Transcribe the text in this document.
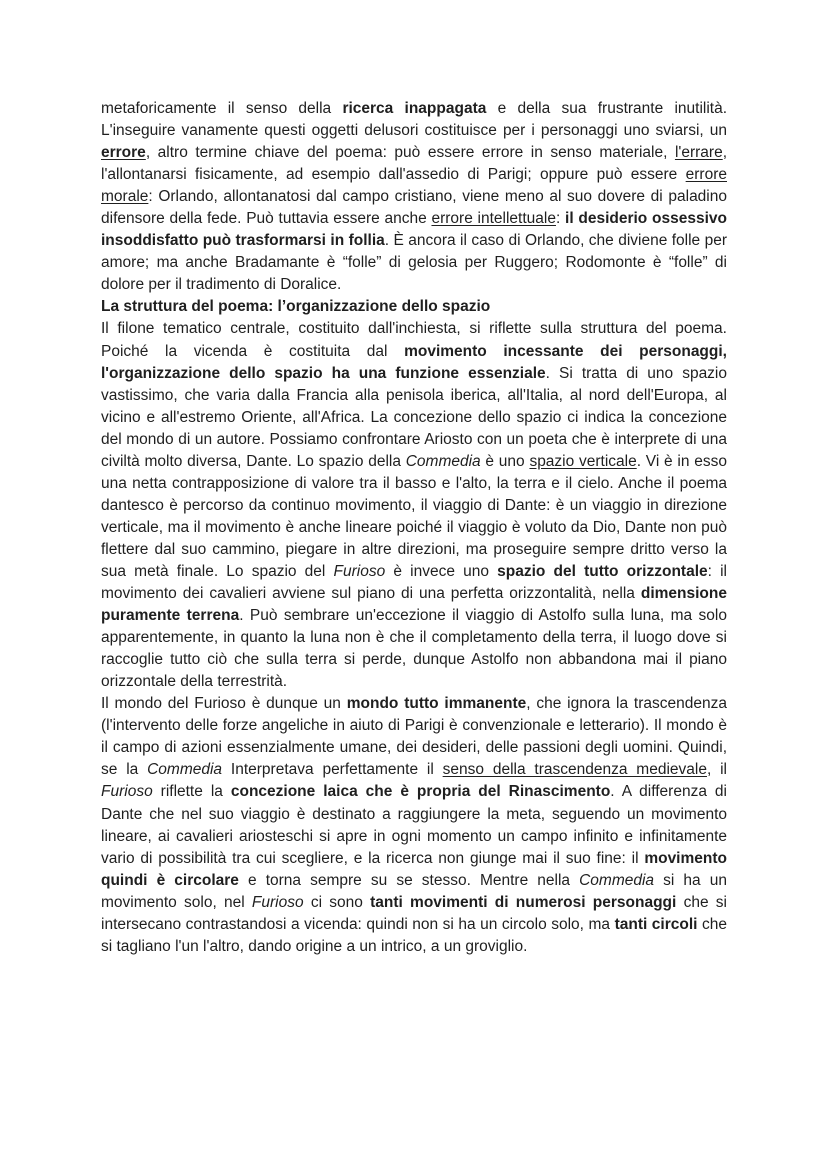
metaforicamente il senso della ricerca inappagata e della sua frustrante inutilità. L'inseguire vanamente questi oggetti delusori costituisce per i personaggi uno sviarsi, un errore, altro termine chiave del poema: può essere errore in senso materiale, l'errare, l'allontanarsi fisicamente, ad esempio dall'assedio di Parigi; oppure può essere errore morale: Orlando, allontanatosi dal campo cristiano, viene meno al suo dovere di paladino difensore della fede. Può tuttavia essere anche errore intellettuale: il desiderio ossessivo insoddisfatto può trasformarsi in follia. È ancora il caso di Orlando, che diviene folle per amore; ma anche Bradamante è “folle” di gelosia per Ruggero; Rodomonte è “folle” di dolore per il tradimento di Doralice.

La struttura del poema: l’organizzazione dello spazio

Il filone tematico centrale, costituito dall'inchiesta, si riflette sulla struttura del poema. Poiché la vicenda è costituita dal movimento incessante dei personaggi, l'organizzazione dello spazio ha una funzione essenziale. Si tratta di uno spazio vastissimo, che varia dalla Francia alla penisola iberica, all'Italia, al nord dell'Europa, al vicino e all'estremo Oriente, all'Africa. La concezione dello spazio ci indica la concezione del mondo di un autore. Possiamo confrontare Ariosto con un poeta che è interprete di una civiltà molto diversa, Dante. Lo spazio della Commedia è uno spazio verticale. Vi è in esso una netta contrapposizione di valore tra il basso e l'alto, la terra e il cielo. Anche il poema dantesco è percorso da continuo movimento, il viaggio di Dante: è un viaggio in direzione verticale, ma il movimento è anche lineare poiché il viaggio è voluto da Dio, Dante non può flettere dal suo cammino, piegare in altre direzioni, ma proseguire sempre dritto verso la sua metà finale. Lo spazio del Furioso è invece uno spazio del tutto orizzontale: il movimento dei cavalieri avviene sul piano di una perfetta orizzontalità, nella dimensione puramente terrena. Può sembrare un'eccezione il viaggio di Astolfo sulla luna, ma solo apparentemente, in quanto la luna non è che il completamento della terra, il luogo dove si raccoglie tutto ciò che sulla terra si perde, dunque Astolfo non abbandona mai il piano orizzontale della terrestrità.

Il mondo del Furioso è dunque un mondo tutto immanente, che ignora la trascendenza (l'intervento delle forze angeliche in aiuto di Parigi è convenzionale e letterario). Il mondo è il campo di azioni essenzialmente umane, dei desideri, delle passioni degli uomini. Quindi, se la Commedia Interpretava perfettamente il senso della trascendenza medievale, il Furioso riflette la concezione laica che è propria del Rinascimento. A differenza di Dante che nel suo viaggio è destinato a raggiungere la meta, seguendo un movimento lineare, ai cavalieri ariosteschi si apre in ogni momento un campo infinito e infinitamente vario di possibilità tra cui scegliere, e la ricerca non giunge mai il suo fine: il movimento quindi è circolare e torna sempre su se stesso. Mentre nella Commedia si ha un movimento solo, nel Furioso ci sono tanti movimenti di numerosi personaggi che si intersecano contrastandosi a vicenda: quindi non si ha un circolo solo, ma tanti circoli che si tagliano l'un l'altro, dando origine a un intrico, a un groviglio.
